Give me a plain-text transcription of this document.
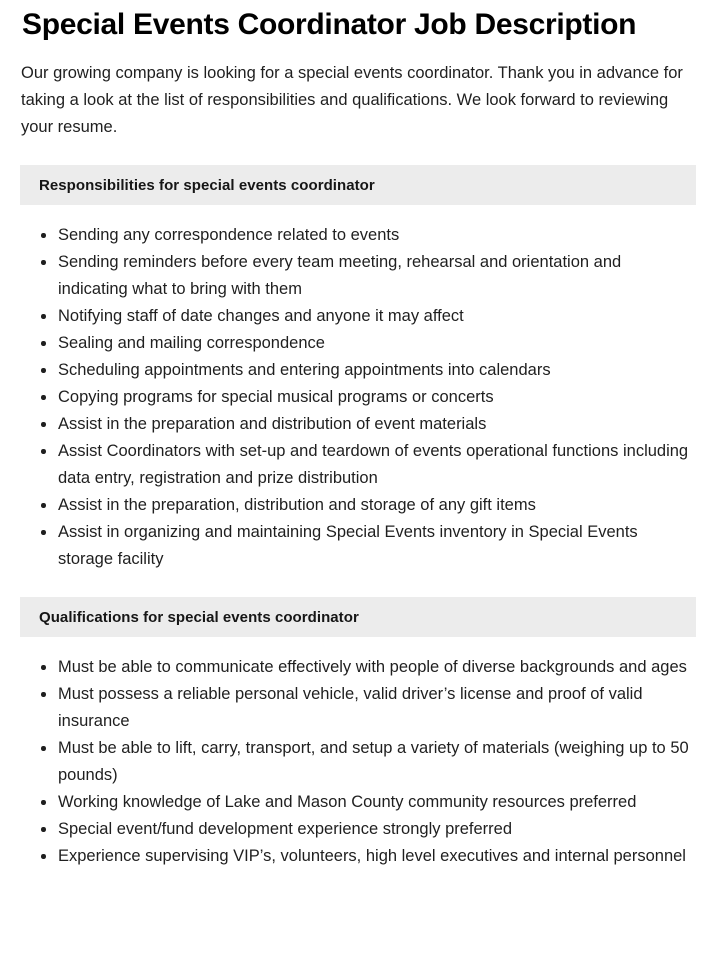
Special Events Coordinator Job Description

Our growing company is looking for a special events coordinator. Thank you in advance for taking a look at the list of responsibilities and qualifications. We look forward to reviewing your resume.

Responsibilities for special events coordinator
Sending any correspondence related to events
Sending reminders before every team meeting, rehearsal and orientation and indicating what to bring with them
Notifying staff of date changes and anyone it may affect
Sealing and mailing correspondence
Scheduling appointments and entering appointments into calendars
Copying programs for special musical programs or concerts
Assist in the preparation and distribution of event materials
Assist Coordinators with set-up and teardown of events operational functions including data entry, registration and prize distribution
Assist in the preparation, distribution and storage of any gift items
Assist in organizing and maintaining Special Events inventory in Special Events storage facility
Qualifications for special events coordinator
Must be able to communicate effectively with people of diverse backgrounds and ages
Must possess a reliable personal vehicle, valid driver’s license and proof of valid insurance
Must be able to lift, carry, transport, and setup a variety of materials (weighing up to 50 pounds)
Working knowledge of Lake and Mason County community resources preferred
Special event/fund development experience strongly preferred
Experience supervising VIP’s, volunteers, high level executives and internal personnel
